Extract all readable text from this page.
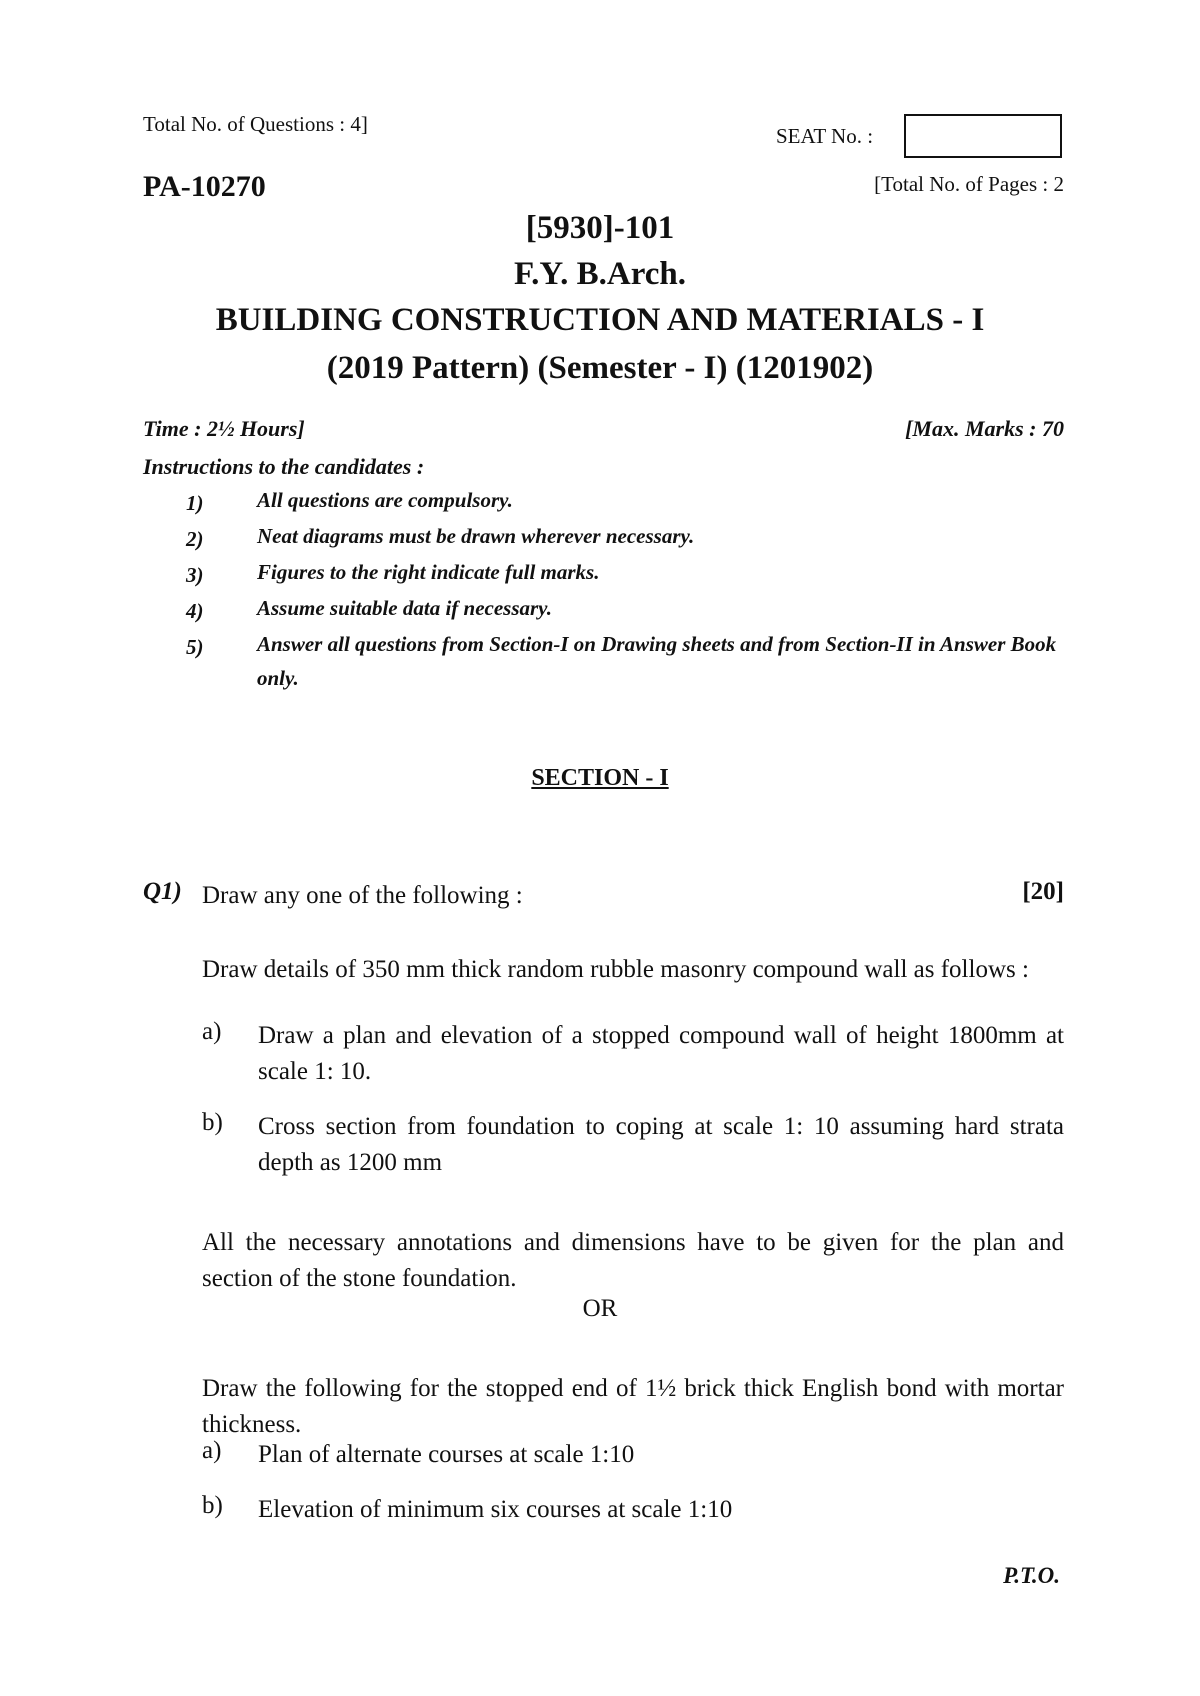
Total No. of Questions : 4]	SEAT No. :

PA-10270	[Total No. of Pages : 2

[5930]-101

F.Y. B.Arch.

BUILDING CONSTRUCTION AND MATERIALS - I

(2019 Pattern) (Semester - I) (1201902)

Time : 2½ Hours]	[Max. Marks : 70

Instructions to the candidates :

1)	All questions are compulsory.
2)	Neat diagrams must be drawn wherever necessary.
3)	Figures to the right indicate full marks.
4)	Assume suitable data if necessary.
5)	Answer all questions from Section-I on Drawing sheets and from Section-II in Answer Book only.

SECTION - I

Q1) Draw any one of the following :	[20]

Draw details of 350 mm thick random rubble masonry compound wall as follows :

a) Draw a plan and elevation of a stopped compound wall of height 1800mm at scale 1: 10.
b) Cross section from foundation to coping at scale 1: 10 assuming hard strata depth as 1200 mm

All the necessary annotations and dimensions have to be given for the plan and section of the stone foundation.

OR

Draw the following for the stopped end of 1½ brick thick English bond with mortar thickness.

a) Plan of alternate courses at scale 1:10
b) Elevation of minimum six courses at scale 1:10

P.T.O.
